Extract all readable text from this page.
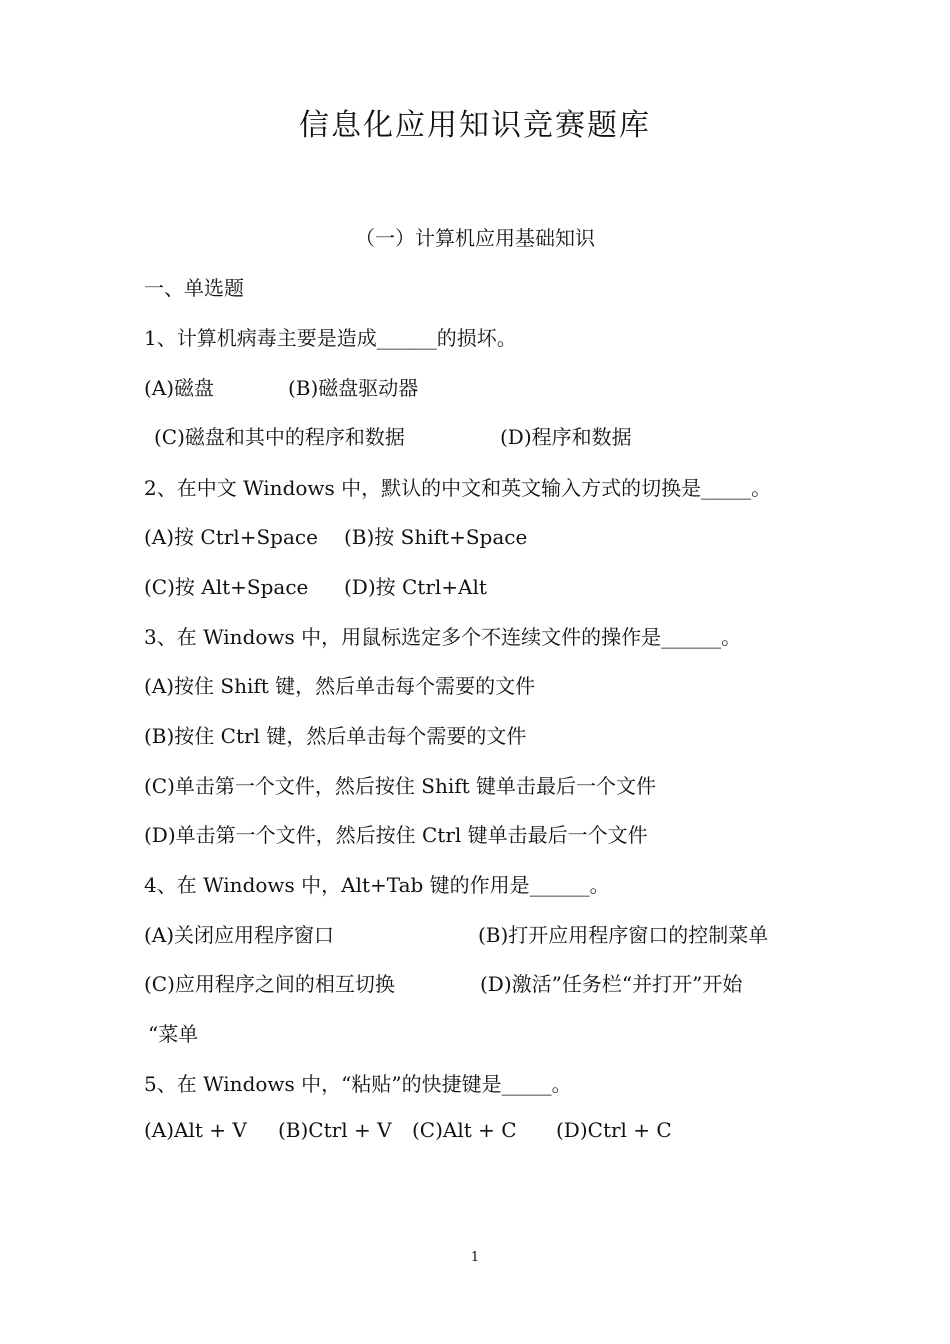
信息化应用知识竞赛题库
（一）计算机应用基础知识
一、单选题
1、计算机病毒主要是造成______的损坏。
(A)磁盘	(B)磁盘驱动器
(C)磁盘和其中的程序和数据	(D)程序和数据
2、在中文 Windows 中，默认的中文和英文输入方式的切换是_____。
(A)按 Ctrl+Space (B)按 Shift+Space
(C)按 Alt+Space (D)按 Ctrl+Alt
3、在 Windows 中，用鼠标选定多个不连续文件的操作是______。
(A)按住 Shift 键，然后单击每个需要的文件
(B)按住 Ctrl 键，然后单击每个需要的文件
(C)单击第一个文件，然后按住 Shift 键单击最后一个文件
(D)单击第一个文件，然后按住 Ctrl 键单击最后一个文件
4、在 Windows 中，Alt+Tab 键的作用是______。
(A)关闭应用程序窗口	(B)打开应用程序窗口的控制菜单
(C)应用程序之间的相互切换	(D)激活”任务栏“并打开”开始
“菜单
5、在 Windows 中，“粘贴”的快捷键是_____。
(A)Alt + V (B)Ctrl + V (C)Alt + C (D)Ctrl + C
1
